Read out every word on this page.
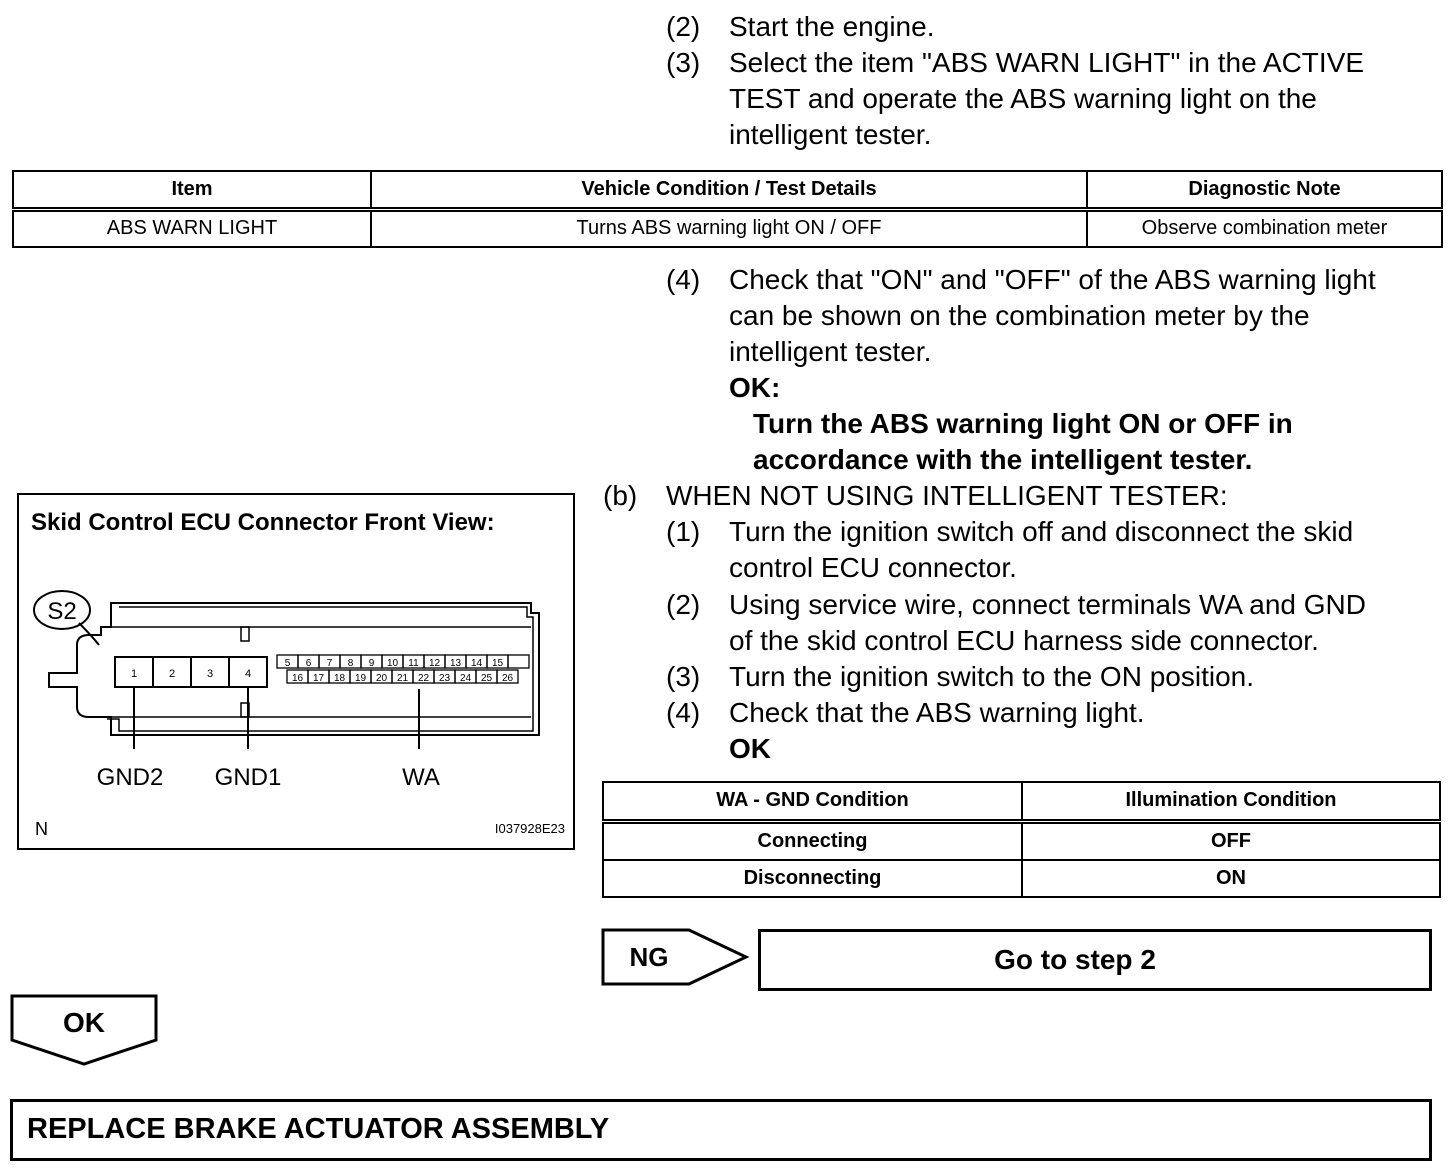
(2) Start the engine.
(3) Select the item "ABS WARN LIGHT" in the ACTIVE
TEST and operate the ABS warning light on the
intelligent tester.
Item	Vehicle Condition / Test Details	Diagnostic Note
ABS WARN LIGHT	Turns ABS warning light ON / OFF	Observe combination meter
(4) Check that "ON" and "OFF" of the ABS warning light
can be shown on the combination meter by the
intelligent tester.
OK:
Turn the ABS warning light ON or OFF in
accordance with the intelligent tester.
(b) WHEN NOT USING INTELLIGENT TESTER:
(1) Turn the ignition switch off and disconnect the skid
control ECU connector.
(2) Using service wire, connect terminals WA and GND
of the skid control ECU harness side connector.
(3) Turn the ignition switch to the ON position.
(4) Check that the ABS warning light.
OK
WA - GND Condition	Illumination Condition
Connecting	OFF
Disconnecting	ON
Skid Control ECU Connector Front View:
S2
1	2	3	4
5 6 7 8 9 10 11 12 13 14 15
16 17 18 19 20 21 22 23 24 25 26
GND2 GND1	WA
N	I037928E23
NG	Go to step 2
OK
REPLACE BRAKE ACTUATOR ASSEMBLY
